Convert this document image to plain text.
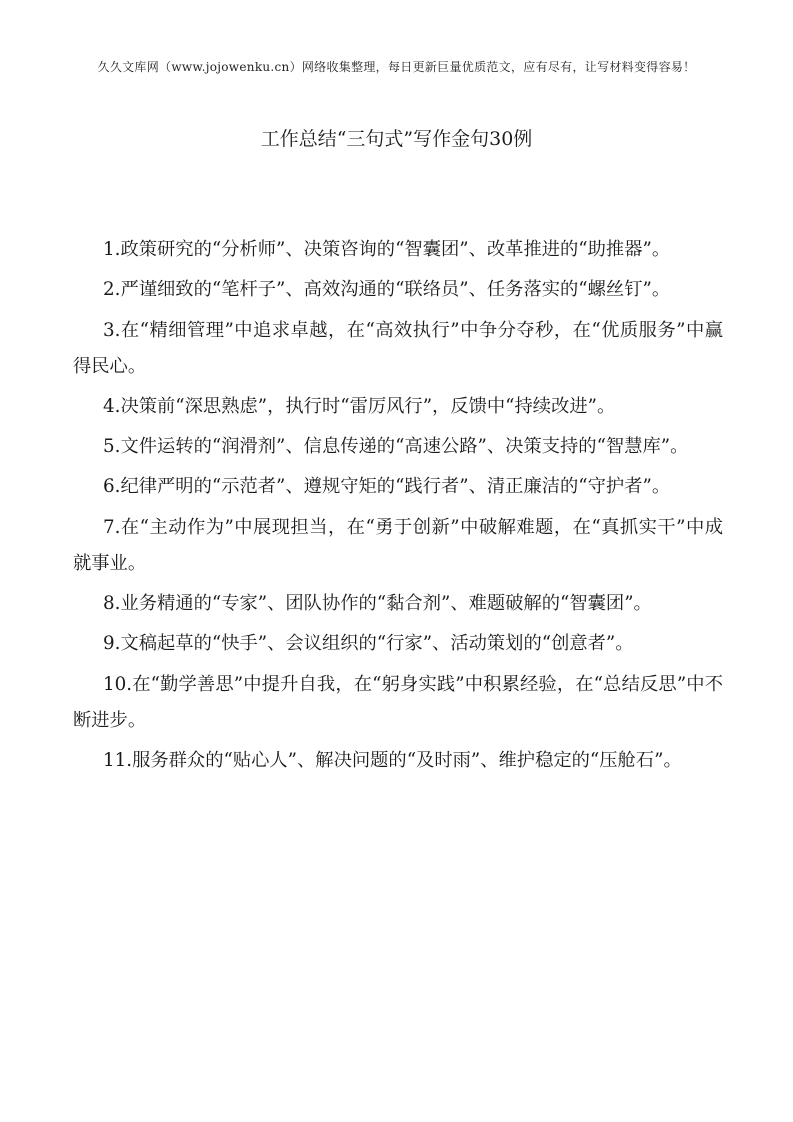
久久文库网（www.jojowenku.cn）网络收集整理，每日更新巨量优质范文，应有尽有，让写材料变得容易！
工作总结“三句式”写作金句30例

1.政策研究的“分析师”、决策咨询的“智囊团”、改革推进的“助推器”。

2.严谨细致的“笔杆子”、高效沟通的“联络员”、任务落实的“螺丝钉”。

3.在“精细管理”中追求卓越，在“高效执行”中争分夺秒，在“优质服务”中赢得民心。

4.决策前“深思熟虑”，执行时“雷厉风行”，反馈中“持续改进”。

5.文件运转的“润滑剂”、信息传递的“高速公路”、决策支持的“智慧库”。

6.纪律严明的“示范者”、遵规守矩的“践行者”、清正廉洁的“守护者”。

7.在“主动作为”中展现担当，在“勇于创新”中破解难题，在“真抓实干”中成就事业。

8.业务精通的“专家”、团队协作的“黏合剂”、难题破解的“智囊团”。

9.文稿起草的“快手”、会议组织的“行家”、活动策划的“创意者”。

10.在“勤学善思”中提升自我，在“躬身实践”中积累经验，在“总结反思”中不断进步。

11.服务群众的“贴心人”、解决问题的“及时雨”、维护稳定的“压舱石”。
